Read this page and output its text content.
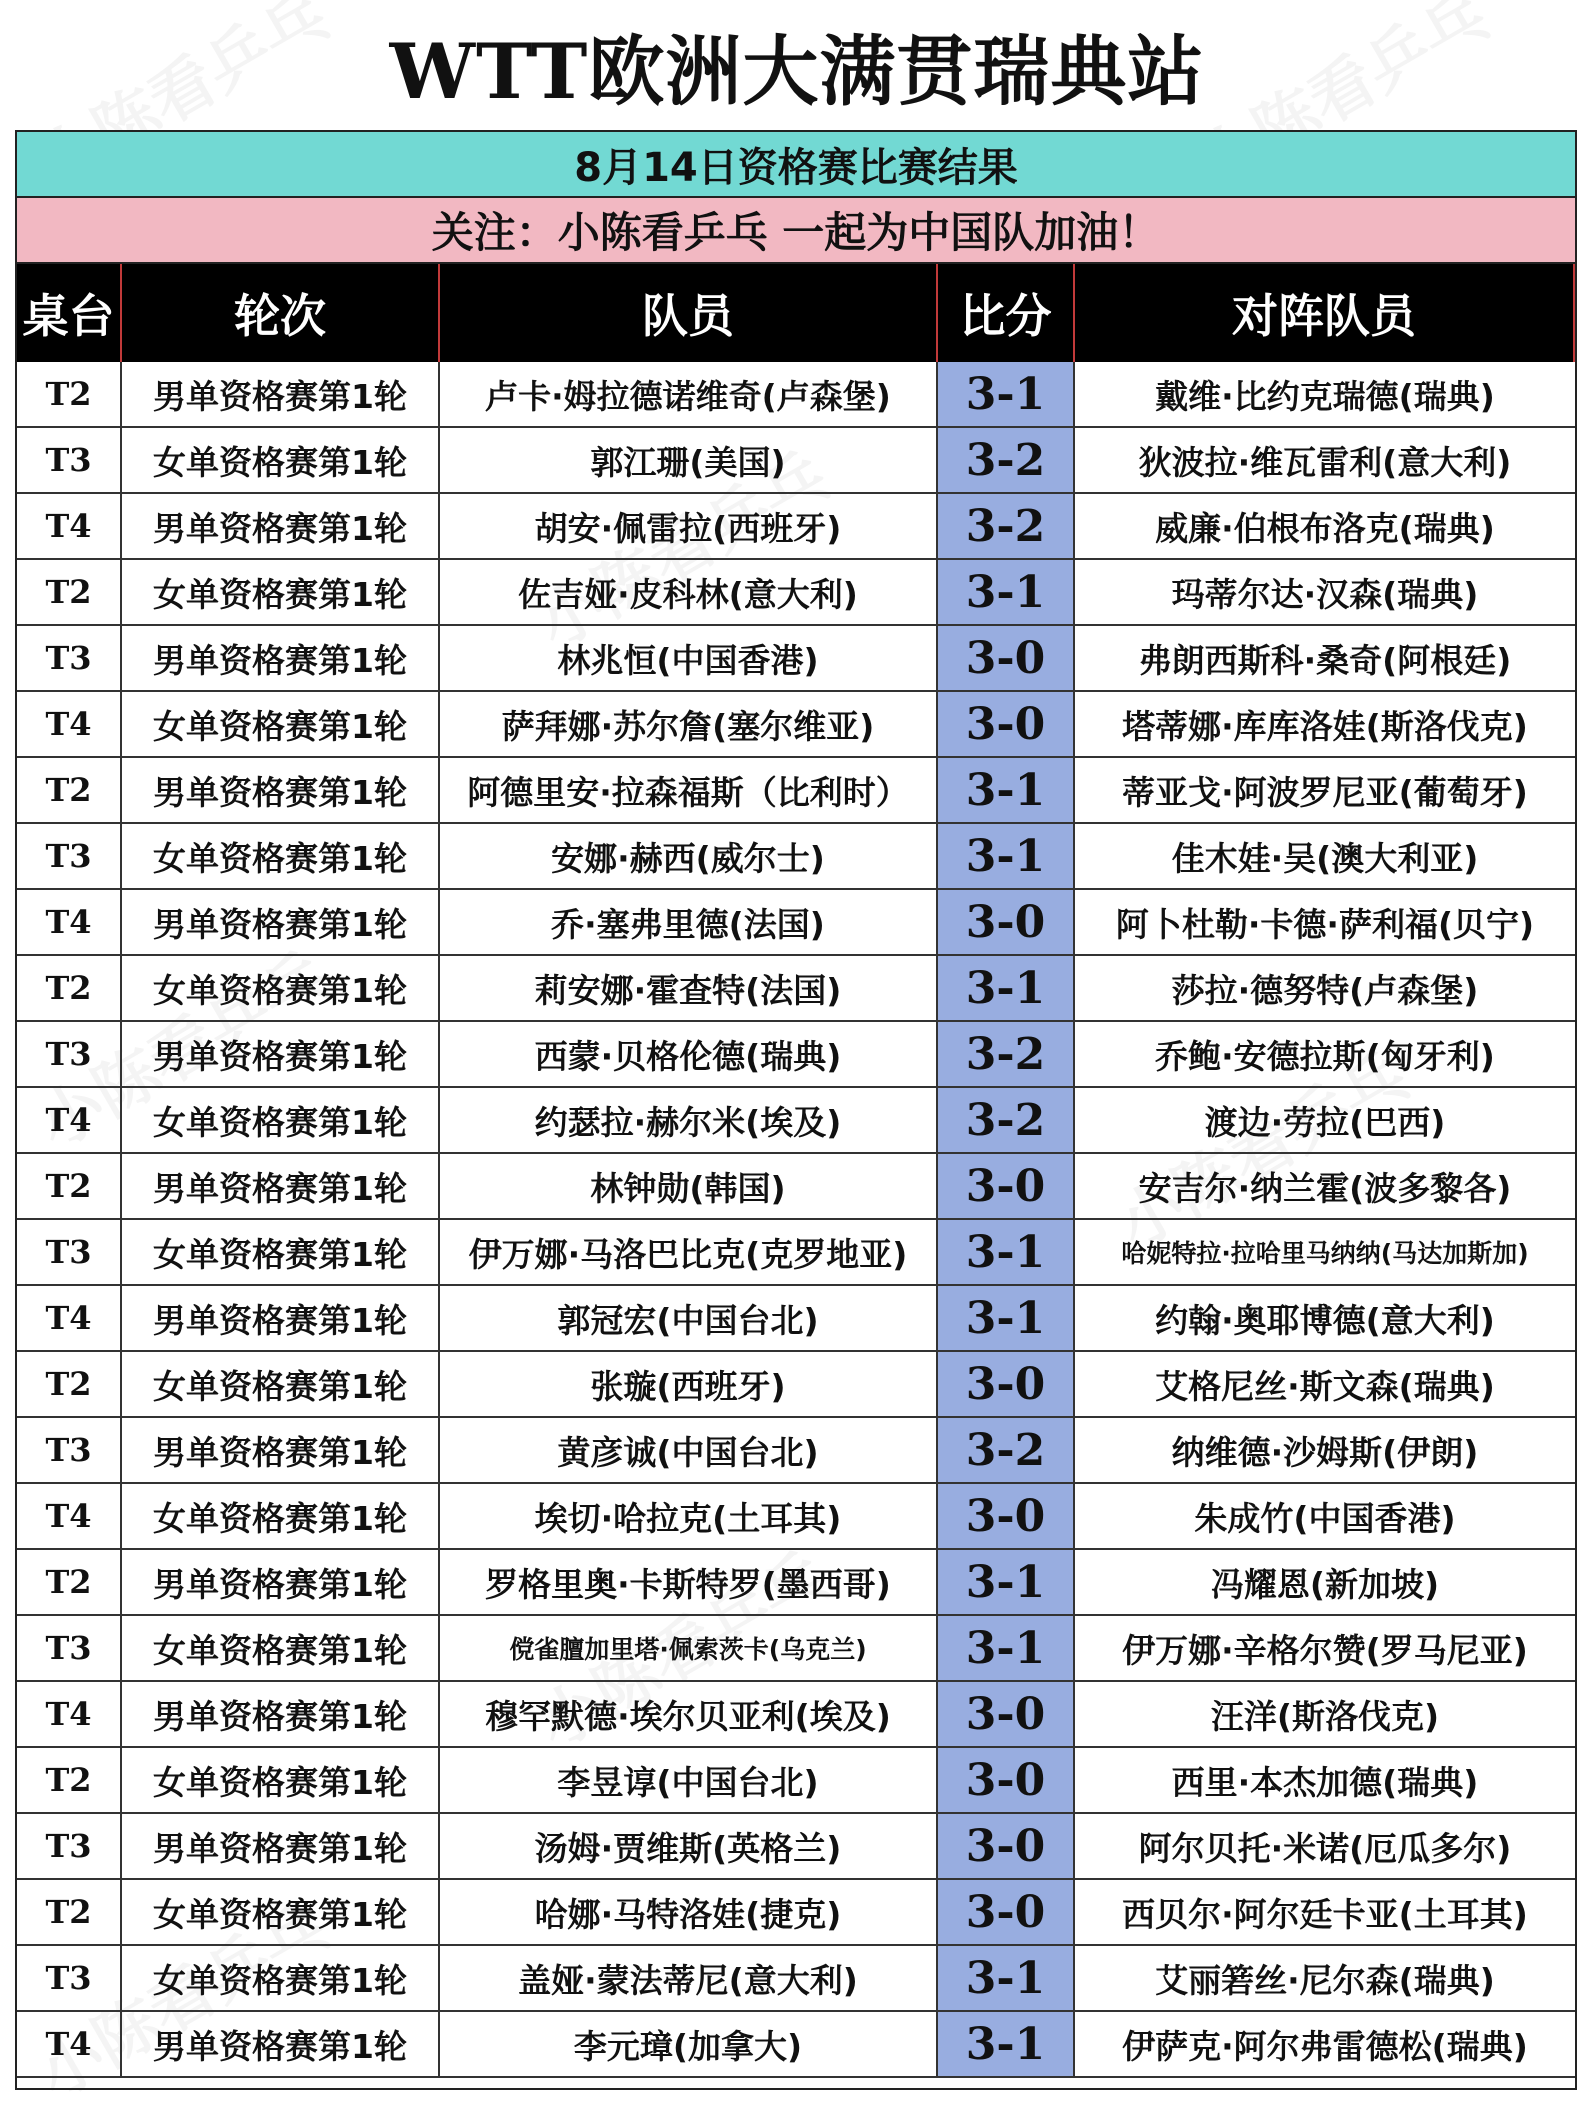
WTT欧洲大满贯瑞典站
8月14日资格赛比赛结果
关注：小陈看乒乓 一起为中国队加油！
桌台	轮次	队员	比分	对阵队员
T2	男单资格赛第1轮	卢卡·姆拉德诺维奇(卢森堡)	3-1	戴维·比约克瑞德(瑞典)
T3	女单资格赛第1轮	郭江珊(美国)	3-2	狄波拉·维瓦雷利(意大利)
T4	男单资格赛第1轮	胡安·佩雷拉(西班牙)	3-2	威廉·伯根布洛克(瑞典)
T2	女单资格赛第1轮	佐吉娅·皮科林(意大利)	3-1	玛蒂尔达·汉森(瑞典)
T3	男单资格赛第1轮	林兆恒(中国香港)	3-0	弗朗西斯科·桑奇(阿根廷)
T4	女单资格赛第1轮	萨拜娜·苏尔詹(塞尔维亚)	3-0	塔蒂娜·库库洛娃(斯洛伐克)
T2	男单资格赛第1轮	阿德里安·拉森福斯（比利时）	3-1	蒂亚戈·阿波罗尼亚(葡萄牙)
T3	女单资格赛第1轮	安娜·赫西(威尔士)	3-1	佳木娃·吴(澳大利亚)
T4	男单资格赛第1轮	乔·塞弗里德(法国)	3-0	阿卜杜勒·卡德·萨利福(贝宁)
T2	女单资格赛第1轮	莉安娜·霍查特(法国)	3-1	莎拉·德努特(卢森堡)
T3	男单资格赛第1轮	西蒙·贝格伦德(瑞典)	3-2	乔鲍·安德拉斯(匈牙利)
T4	女单资格赛第1轮	约瑟拉·赫尔米(埃及)	3-2	渡边·劳拉(巴西)
T2	男单资格赛第1轮	林钟勋(韩国)	3-0	安吉尔·纳兰霍(波多黎各)
T3	女单资格赛第1轮	伊万娜·马洛巴比克(克罗地亚)	3-1	哈妮特拉·拉哈里马纳纳(马达加斯加)
T4	男单资格赛第1轮	郭冠宏(中国台北)	3-1	约翰·奥耶博德(意大利)
T2	女单资格赛第1轮	张璇(西班牙)	3-0	艾格尼丝·斯文森(瑞典)
T3	男单资格赛第1轮	黄彦诚(中国台北)	3-2	纳维德·沙姆斯(伊朗)
T4	女单资格赛第1轮	埃切·哈拉克(土耳其)	3-0	朱成竹(中国香港)
T2	男单资格赛第1轮	罗格里奥·卡斯特罗(墨西哥)	3-1	冯耀恩(新加坡)
T3	女单资格赛第1轮	傥雀膻加里塔·佩索茨卡(乌克兰)	3-1	伊万娜·辛格尔赞(罗马尼亚)
T4	男单资格赛第1轮	穆罕默德·埃尔贝亚利(埃及)	3-0	汪洋(斯洛伐克)
T2	女单资格赛第1轮	李昱谆(中国台北)	3-0	西里·本杰加德(瑞典)
T3	男单资格赛第1轮	汤姆·贾维斯(英格兰)	3-0	阿尔贝托·米诺(厄瓜多尔)
T2	女单资格赛第1轮	哈娜·马特洛娃(捷克)	3-0	西贝尔·阿尔廷卡亚(土耳其)
T3	女单资格赛第1轮	盖娅·蒙法蒂尼(意大利)	3-1	艾丽箬丝·尼尔森(瑞典)
T4	男单资格赛第1轮	李元璋(加拿大)	3-1	伊萨克·阿尔弗雷德松(瑞典)
